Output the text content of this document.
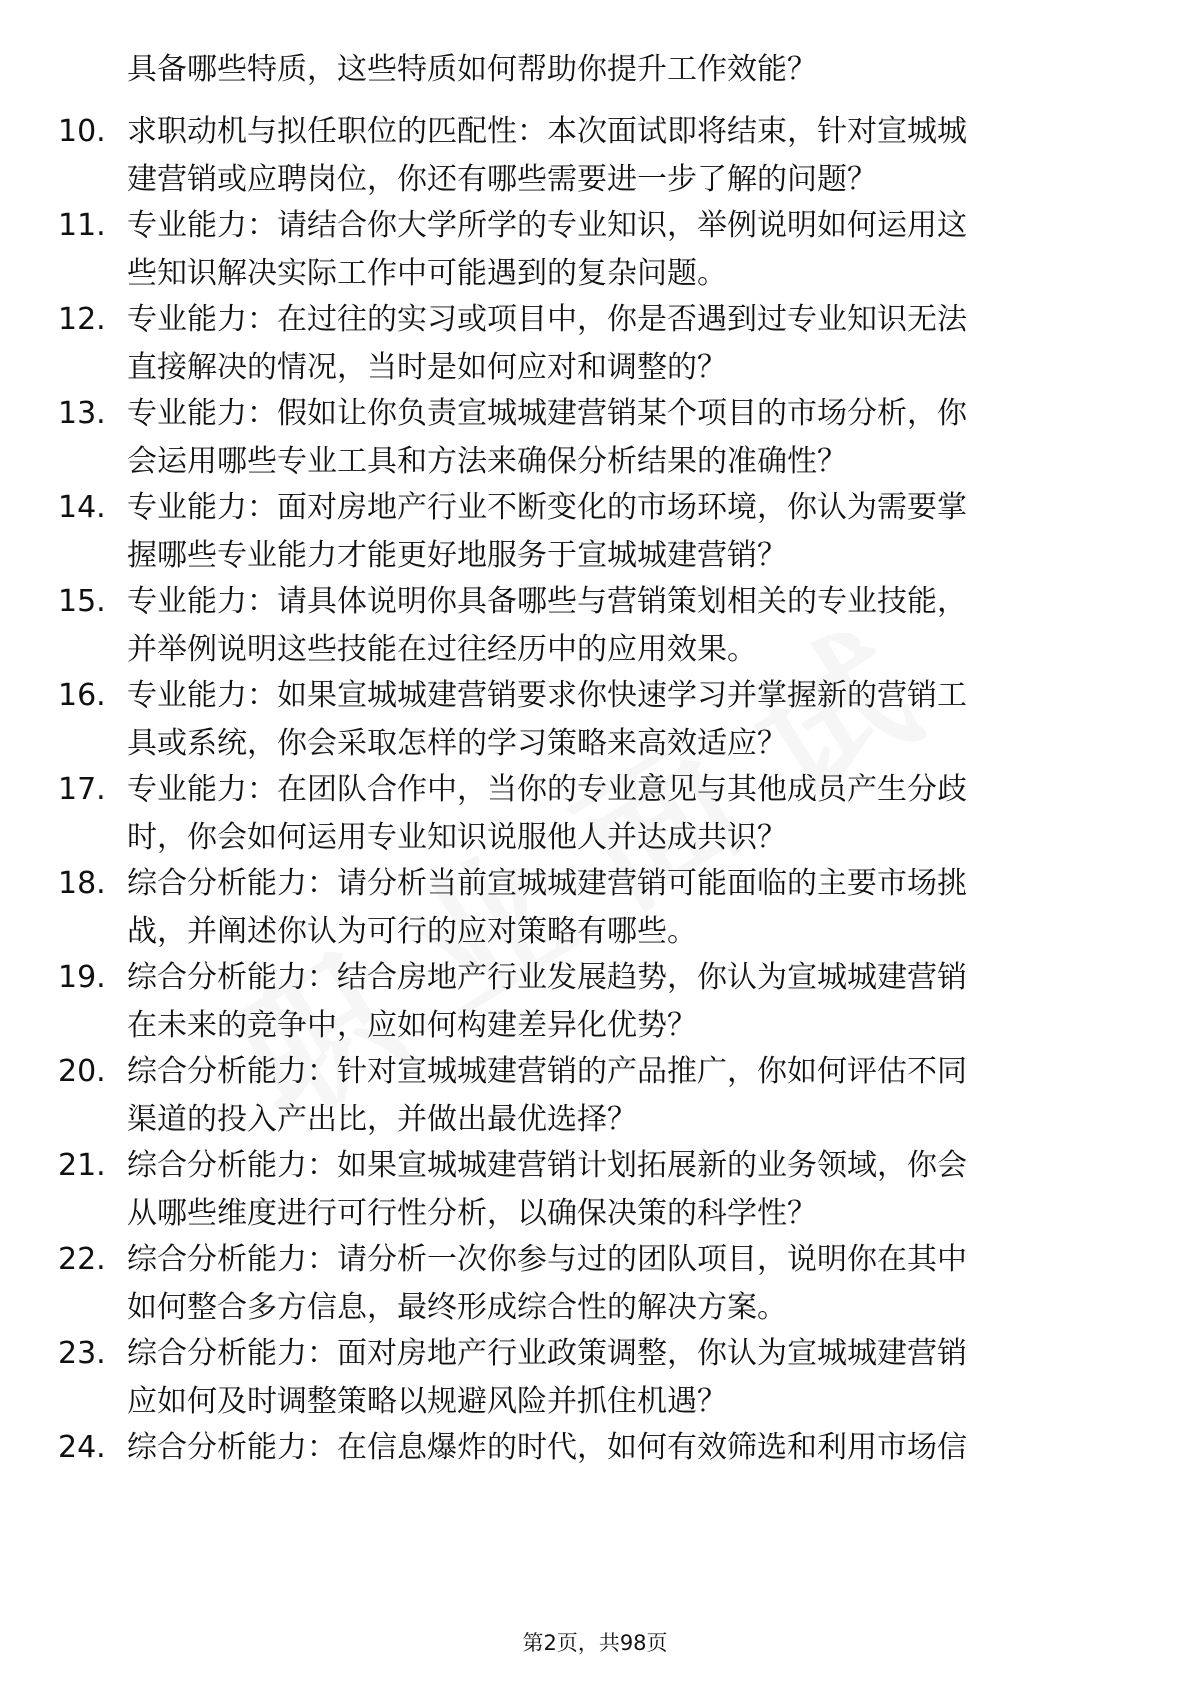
具备哪些特质，这些特质如何帮助你提升工作效能？
10. 求职动机与拟任职位的匹配性：本次面试即将结束，针对宣城城
建营销或应聘岗位，你还有哪些需要进一步了解的问题？
11. 专业能力：请结合你大学所学的专业知识，举例说明如何运用这
些知识解决实际工作中可能遇到的复杂问题。
12. 专业能力：在过往的实习或项目中，你是否遇到过专业知识无法
直接解决的情况，当时是如何应对和调整的？
13. 专业能力：假如让你负责宣城城建营销某个项目的市场分析，你
会运用哪些专业工具和方法来确保分析结果的准确性？
14. 专业能力：面对房地产行业不断变化的市场环境，你认为需要掌
握哪些专业能力才能更好地服务于宣城城建营销？
15. 专业能力：请具体说明你具备哪些与营销策划相关的专业技能，
并举例说明这些技能在过往经历中的应用效果。
16. 专业能力：如果宣城城建营销要求你快速学习并掌握新的营销工
具或系统，你会采取怎样的学习策略来高效适应？
17. 专业能力：在团队合作中，当你的专业意见与其他成员产生分歧
时，你会如何运用专业知识说服他人并达成共识？
18. 综合分析能力：请分析当前宣城城建营销可能面临的主要市场挑
战，并阐述你认为可行的应对策略有哪些。
19. 综合分析能力：结合房地产行业发展趋势，你认为宣城城建营销
在未来的竞争中，应如何构建差异化优势？
20. 综合分析能力：针对宣城城建营销的产品推广，你如何评估不同
渠道的投入产出比，并做出最优选择？
21. 综合分析能力：如果宣城城建营销计划拓展新的业务领域，你会
从哪些维度进行可行性分析，以确保决策的科学性？
22. 综合分析能力：请分析一次你参与过的团队项目，说明你在其中
如何整合多方信息，最终形成综合性的解决方案。
23. 综合分析能力：面对房地产行业政策调整，你认为宣城城建营销
应如何及时调整策略以规避风险并抓住机遇？
24. 综合分析能力：在信息爆炸的时代，如何有效筛选和利用市场信
第2页，共98页
